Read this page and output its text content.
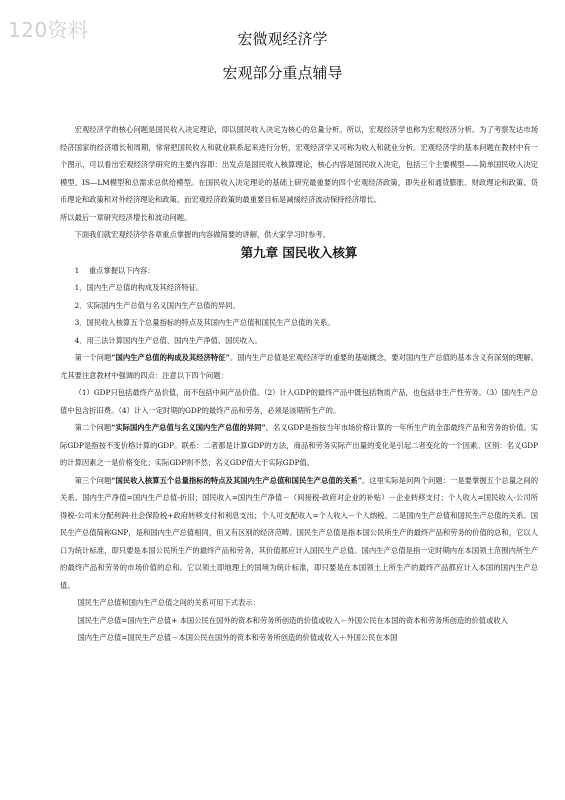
120资料	宏微观经济学
宏观部分重点辅导

宏观经济学的核心问题是国民收入决定理论，即以国民收入决定为核心的总量分析。所以，宏观经济学也称为宏观经济分析。为了考察发达市场经济国家的经济增长和周期，常常把国民收入和就业联系起来进行分析，宏观经济学又可称为收入和就业分析。宏观经济学的基本问题在教材中有一个图示，可以看出宏观经济学研究的主要内容即：出发点是国民收入核算理论，核心内容是国民收入决定，包括三个主要模型——简单国民收入决定模型、IS—LM模型和总需求总供给模型。在国民收入决定理论的基础上研究最重要的四个宏观经济政策，即失业和通货膨胀、财政理论和政策、货币理论和政策和对外经济理论和政策。而宏观经济政策的最重要目标是减缓经济波动保持经济增长。

所以最后一章研究经济增长和波动问题。

下面我们就宏观经济学各章重点掌握的内容做简要的讲解，供大家学习时参考。

第九章 国民收入核算

1　 重点掌握以下内容：

1．国内生产总值的构成及其经济特征。

2．实际国内生产总值与名义国内生产总值的异同。

3．国民收入核算五个总量指标的特点及其国内生产总值和国民生产总值的关系。

4．用三法计算国内生产总值、国内生产净值、国民收入。

第一个问题“国内生产总值的构成及其经济特征”。国内生产总值是宏观经济学的重要的基础概念，要对国内生产总值的基本含义有深刻的理解。尤其要注意教材中强调的四点：注意以下四个问题：

（1）GDP只包括最终产品价值，而不包括中间产品价值。（2）计入GDP的最终产品中既包括物质产品，也包括非生产性劳务。（3）国内生产总值中包含折旧费。（4）计入一定时期的GDP的最终产品和劳务，必须是该期所生产的。

第二个问题“实际国内生产总值与名义国内生产总值的异同”。名义GDP是指按当年市场价格计算的一年所生产的全部最终产品和劳务的价值。实际GDP是指按不变价格计算的GDP。联系：二者都是计算GDP的方法，商品和劳务实际产出量的变化是引起二者变化的一个因素。区别：名义GDP的计算因素之一是价格变化；实际GDP则不然；名义GDP值大于实际GDP值。

第三个问题“国民收入核算五个总量指标的特点及其国内生产总值和国民生产总值的关系”。这里实际是问两个问题：一是要掌握五个总量之间的关系。国内生产净值=国内生产总值-折旧；国民收入=国内生产净值－（间接税-政府对企业的补贴）－企业转移支付；个人收入=国民收入-公司所得税-公司未分配利润-社会保险税+政府转移支付和利息支出；个人可支配收入=个人收入－个人纳税。二是国内生产总值和国民生产总值的关系。国民生产总值简称GNP，是和国内生产总值相同，但又有区别的经济范畴。国民生产总值是指本国公民所生产的最终产品和劳务的价值的总和，它以人口为统计标准，即只要是本国公民所生产的最终产品和劳务，其价值都应计入国民生产总值。国内生产总值是指一定时期内在本国领土范围内所生产的最终产品和劳务的市场价值的总和。它以领土即地理上的国境为统计标准，即只要是在本国领土上所生产的最终产品都应计入本国的国内生产总值。

国民生产总值和国内生产总值之间的关系可用下式表示：

国民生产总值=国内生产总值+ 本国公民在国外的资本和劳务所创造的价值或收入－外国公民在本国的资本和劳务所创造的价值或收入

国内生产总值=国民生产总值－本国公民在国外的资本和劳务所创造的价值或收入＋外国公民在本国
